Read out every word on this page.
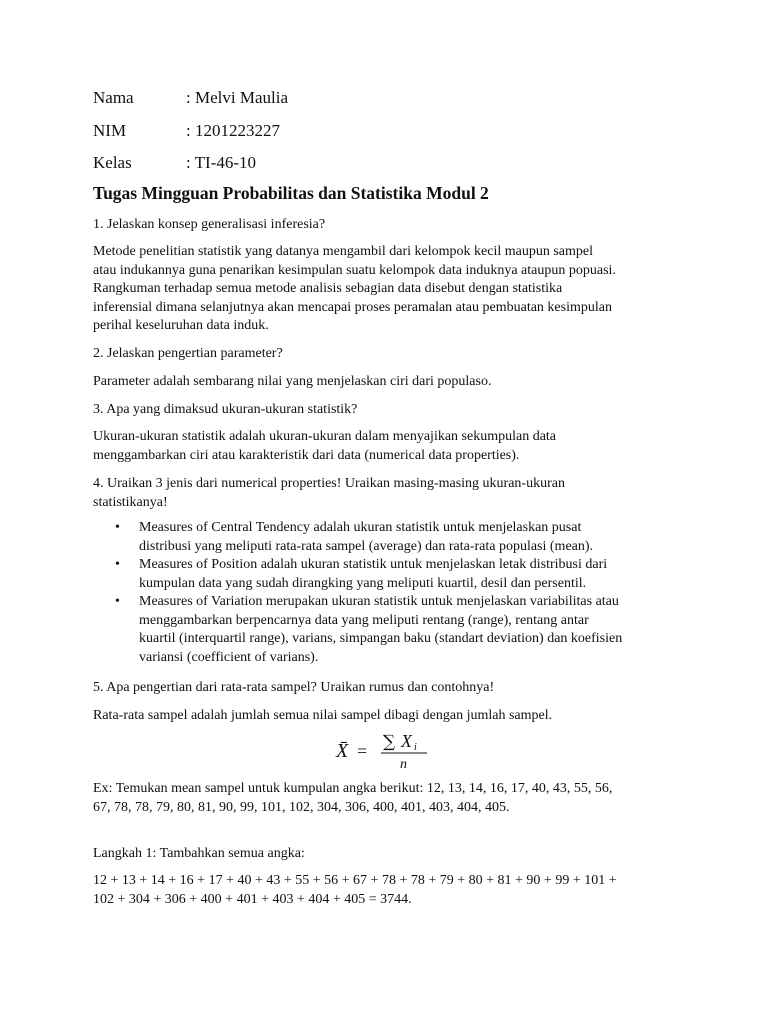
Nama	: Melvi Maulia
NIM	: 1201223227
Kelas	: TI-46-10
Tugas Mingguan Probabilitas dan Statistika Modul 2

1. Jelaskan konsep generalisasi inferesia?

Metode penelitian statistik yang datanya mengambil dari kelompok kecil maupun sampel
atau indukannya guna penarikan kesimpulan suatu kelompok data induknya ataupun popuasi.
Rangkuman terhadap semua metode analisis sebagian data disebut dengan statistika
inferensial dimana selanjutnya akan mencapai proses peramalan atau pembuatan kesimpulan
perihal keseluruhan data induk.

2. Jelaskan pengertian parameter?

Parameter adalah sembarang nilai yang menjelaskan ciri dari populaso.

3. Apa yang dimaksud ukuran-ukuran statistik?

Ukuran-ukuran statistik adalah ukuran-ukuran dalam menyajikan sekumpulan data
menggambarkan ciri atau karakteristik dari data (numerical data properties).

4. Uraikan 3 jenis dari numerical properties! Uraikan masing-masing ukuran-ukuran
statistikanya!

• Measures of Central Tendency adalah ukuran statistik untuk menjelaskan pusat
distribusi yang meliputi rata-rata sampel (average) dan rata-rata populasi (mean).
• Measures of Position adalah ukuran statistik untuk menjelaskan letak distribusi dari
kumpulan data yang sudah dirangking yang meliputi kuartil, desil dan persentil.
• Measures of Variation merupakan ukuran statistik untuk menjelaskan variabilitas atau
menggambarkan berpencarnya data yang meliputi rentang (range), rentang antar
kuartil (interquartil range), varians, simpangan baku (standart deviation) dan koefisien
variansi (coefficient of varians).

5. Apa pengertian dari rata-rata sampel? Uraikan rumus dan contohnya!

Rata-rata sampel adalah jumlah semua nilai sampel dibagi dengan jumlah sampel.

X̄ = ∑ X i
n

Ex: Temukan mean sampel untuk kumpulan angka berikut: 12, 13, 14, 16, 17, 40, 43, 55, 56,
67, 78, 78, 79, 80, 81, 90, 99, 101, 102, 304, 306, 400, 401, 403, 404, 405.

Langkah 1: Tambahkan semua angka:

12 + 13 + 14 + 16 + 17 + 40 + 43 + 55 + 56 + 67 + 78 + 78 + 79 + 80 + 81 + 90 + 99 + 101 +
102 + 304 + 306 + 400 + 401 + 403 + 404 + 405 = 3744.
